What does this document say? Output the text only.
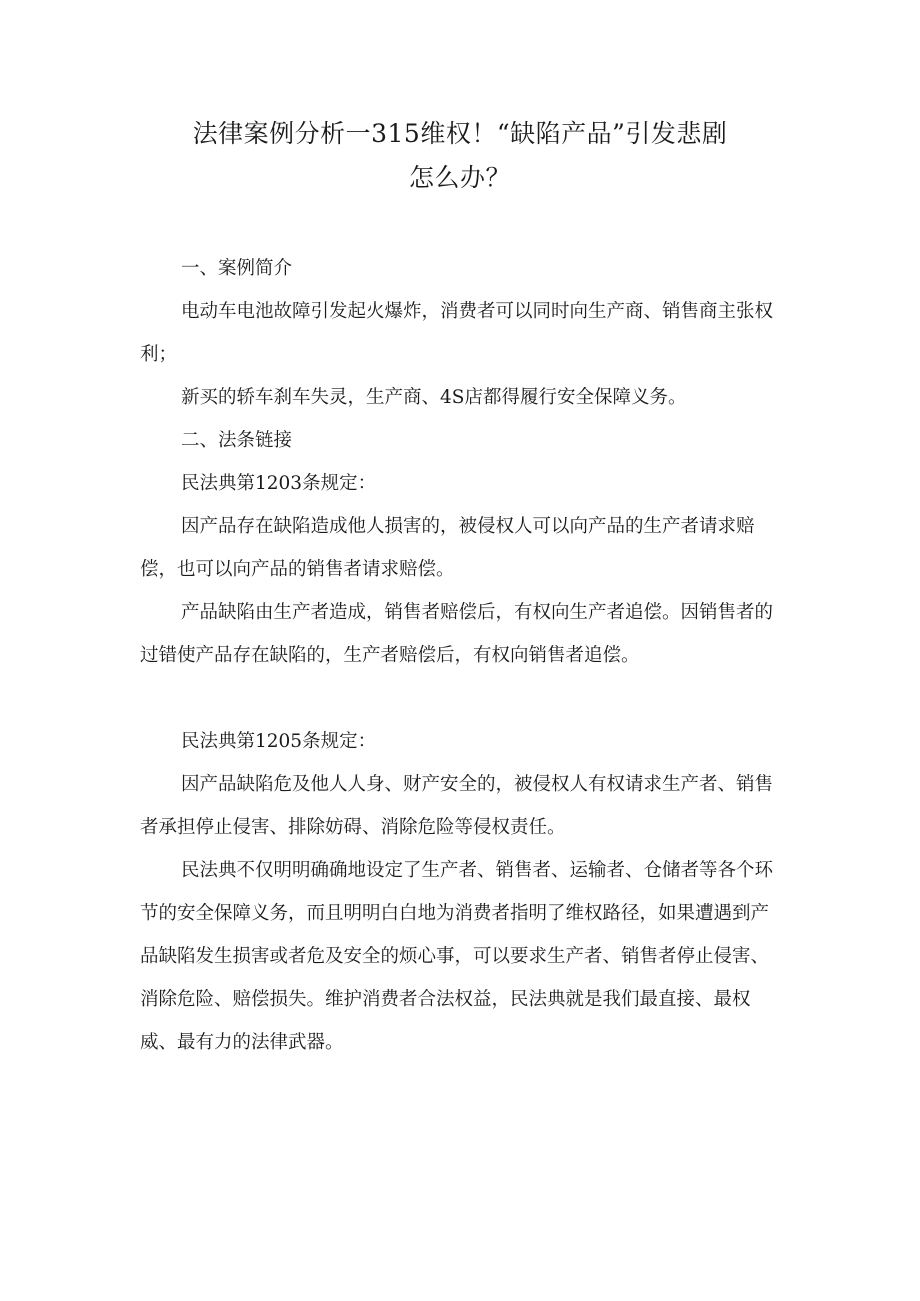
法律案例分析一315维权！“缺陷产品”引发悲剧
怎么办？

一、案例简介

电动车电池故障引发起火爆炸，消费者可以同时向生产商、销售商主张权利；

新买的轿车刹车失灵，生产商、4S店都得履行安全保障义务。

二、法条链接

民法典第1203条规定：

因产品存在缺陷造成他人损害的，被侵权人可以向产品的生产者请求赔偿，也可以向产品的销售者请求赔偿。

产品缺陷由生产者造成，销售者赔偿后，有权向生产者追偿。因销售者的过错使产品存在缺陷的，生产者赔偿后，有权向销售者追偿。

民法典第1205条规定：

因产品缺陷危及他人人身、财产安全的，被侵权人有权请求生产者、销售者承担停止侵害、排除妨碍、消除危险等侵权责任。

民法典不仅明明确确地设定了生产者、销售者、运输者、仓储者等各个环节的安全保障义务，而且明明白白地为消费者指明了维权路径，如果遭遇到产品缺陷发生损害或者危及安全的烦心事，可以要求生产者、销售者停止侵害、消除危险、赔偿损失。维护消费者合法权益，民法典就是我们最直接、最权威、最有力的法律武器。
